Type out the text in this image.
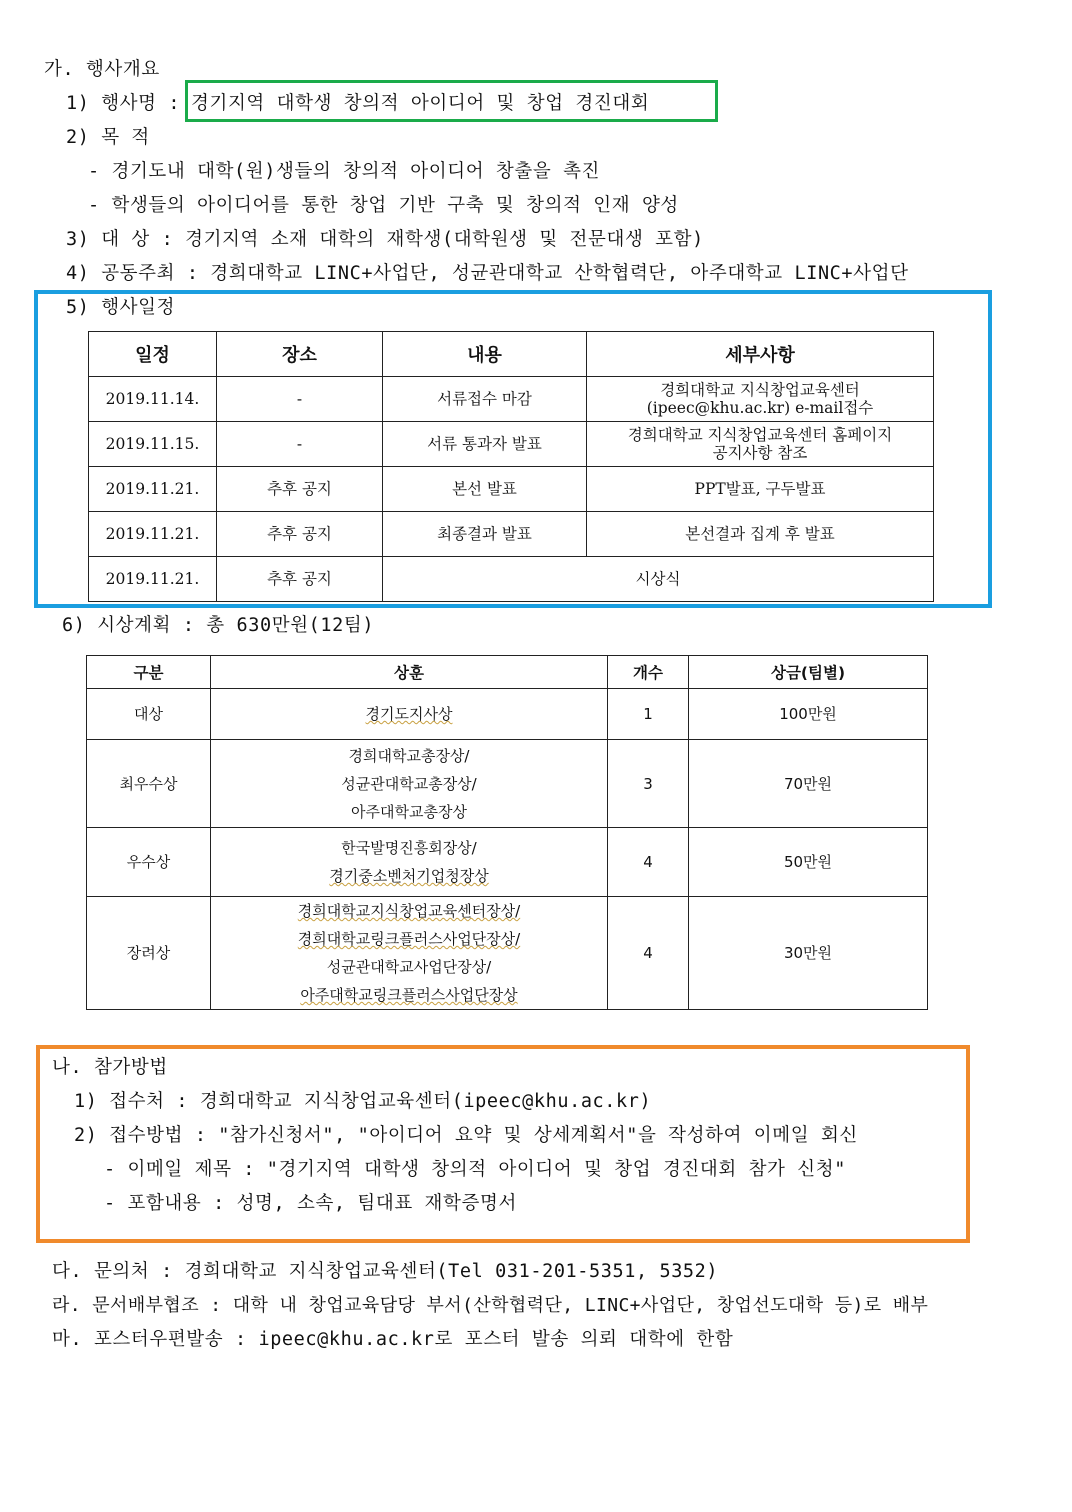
가. 행사개요
1) 행사명 : 경기지역 대학생 창의적 아이디어 및 창업 경진대회
2) 목 적
- 경기도내 대학(원)생들의 창의적 아이디어 창출을 촉진
- 학생들의 아이디어를 통한 창업 기반 구축 및 창의적 인재 양성
3) 대 상 : 경기지역 소재 대학의 재학생(대학원생 및 전문대생 포함)
4) 공동주최 : 경희대학교 LINC+사업단, 성균관대학교 산학협력단, 아주대학교 LINC+사업단
5) 행사일정
일정	장소	내용	세부사항
2019.11.14.	-	서류접수 마감	경희대학교 지식창업교육센터
(ipeec@khu.ac.kr) e-mail접수

2019.11.15.	-	서류 통과자 발표	경희대학교 지식창업교육센터 홈페이지
공지사항 참조

2019.11.21.	추후 공지	본선 발표	PPT발표, 구두발표
2019.11.21.	추후 공지	최종결과 발표	본선결과 집계 후 발표
2019.11.21.	추후 공지	시상식	
6) 시상계획 : 총 630만원(12팀)
구분	상훈	개수	상금(팀별)
대상	경기도지사상	1	100만원
최우수상	경희대학교총장상/
성균관대학교총장상/
아주대학교총장상	3	70만원
우수상	한국발명진흥회장상/
경기중소벤처기업청장상	4	50만원
장려상	경희대학교지식창업교육센터장상/
경희대학교링크플러스사업단장상/
성균관대학교사업단장상/
아주대학교링크플러스사업단장상	4	30만원
나. 참가방법
1) 접수처 : 경희대학교 지식창업교육센터(ipeec@khu.ac.kr)
2) 접수방법 : "참가신청서", "아이디어 요약 및 상세계획서"을 작성하여 이메일 회신
- 이메일 제목 : "경기지역 대학생 창의적 아이디어 및 창업 경진대회 참가 신청"
- 포함내용 : 성명, 소속, 팀대표 재학증명서
다. 문의처 : 경희대학교 지식창업교육센터(Tel 031-201-5351, 5352)
라. 문서배부협조 : 대학 내 창업교육담당 부서(산학협력단, LINC+사업단, 창업선도대학 등)로 배부
마. 포스터우편발송 : ipeec@khu.ac.kr로 포스터 발송 의뢰 대학에 한함
